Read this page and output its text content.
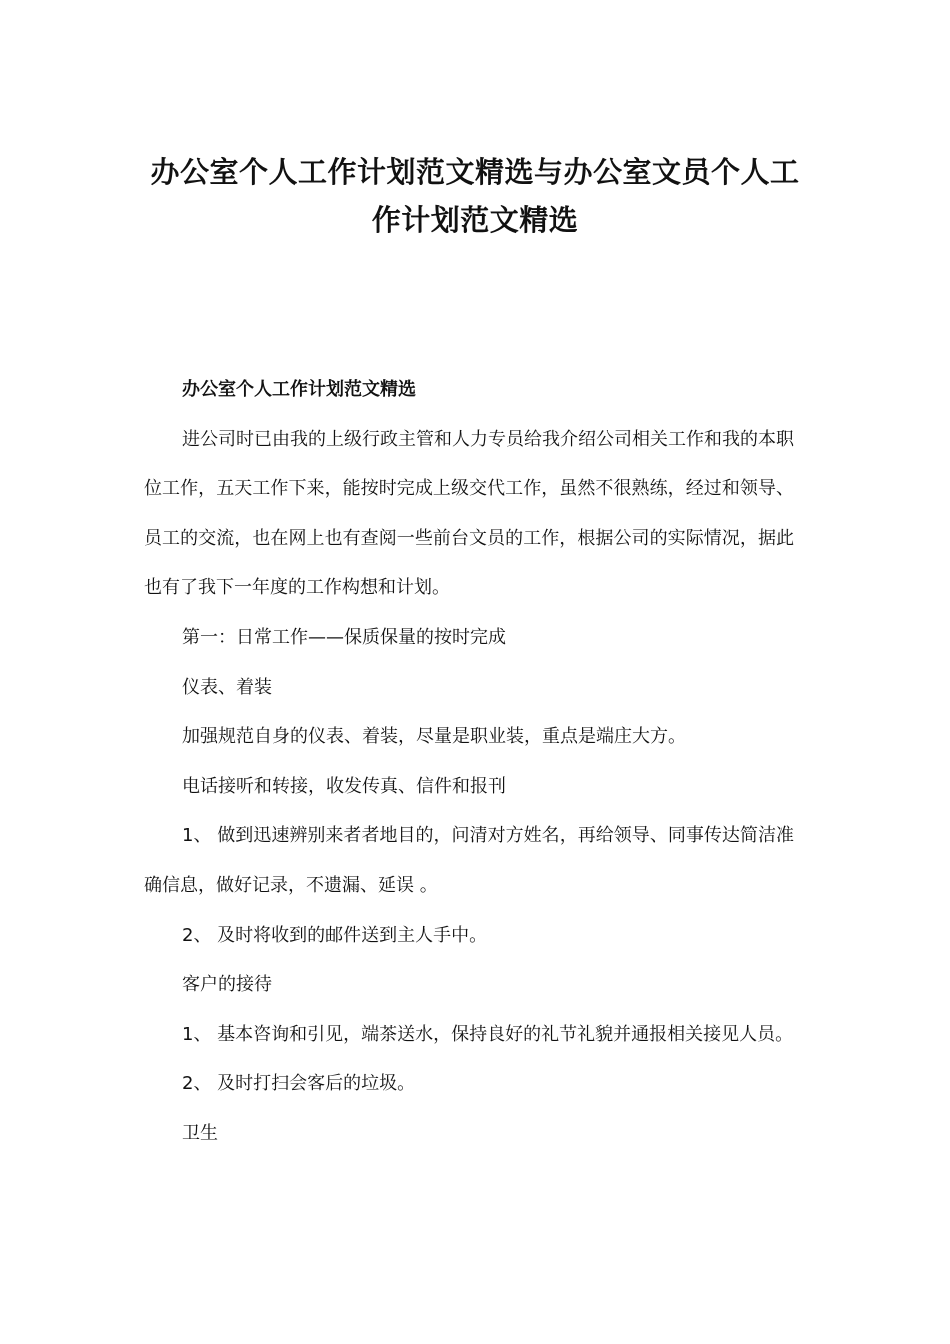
办公室个人工作计划范文精选与办公室文员个人工
作计划范文精选

办公室个人工作计划范文精选

进公司时已由我的上级行政主管和人力专员给我介绍公司相关工作和我的本职位工作，五天工作下来，能按时完成上级交代工作，虽然不很熟练，经过和领导、员工的交流，也在网上也有查阅一些前台文员的工作，根据公司的实际情况，据此也有了我下一年度的工作构想和计划。

第一：日常工作——保质保量的按时完成

仪表、着装

加强规范自身的仪表、着装，尽量是职业装，重点是端庄大方。

电话接听和转接，收发传真、信件和报刊

1、 做到迅速辨别来者者地目的，问清对方姓名，再给领导、同事传达简洁准确信息，做好记录，不遗漏、延误 。

2、 及时将收到的邮件送到主人手中。

客户的接待

1、 基本咨询和引见，端茶送水，保持良好的礼节礼貌并通报相关接见人员。

2、 及时打扫会客后的垃圾。

卫生
